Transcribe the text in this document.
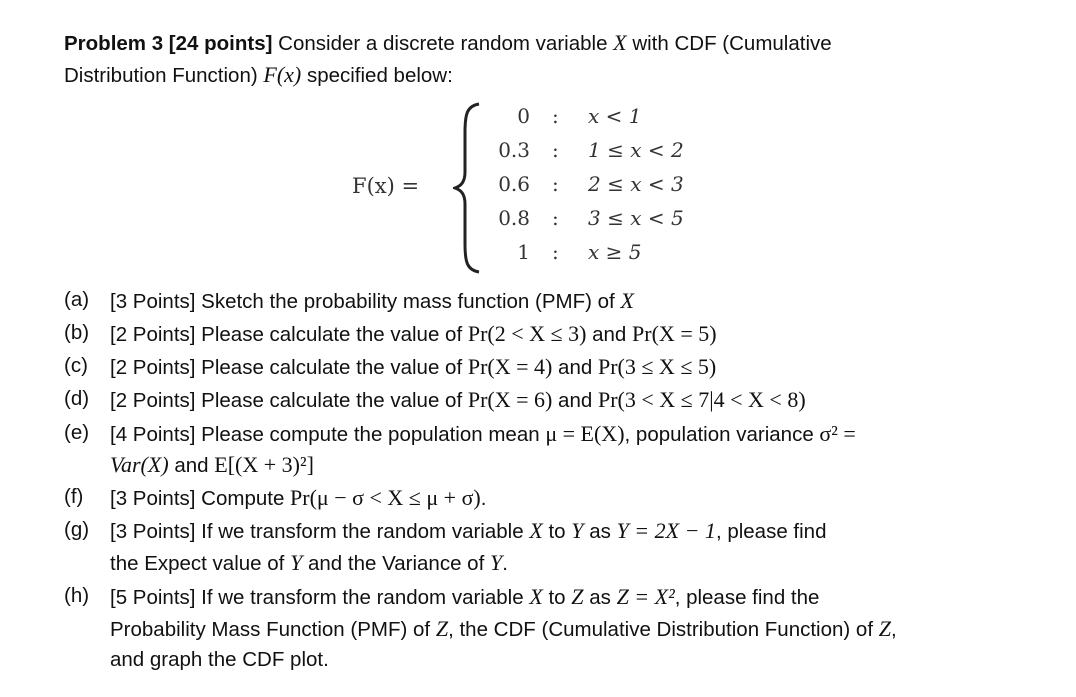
Problem 3 [24 points] Consider a discrete random variable X with CDF (Cumulative
Distribution Function) F(x) specified below:
F(x) =
0 : x < 1
0.3 : 1 ≤ x < 2
0.6 : 2 ≤ x < 3
0.8 : 3 ≤ x < 5
1 : x ≥ 5
(a) [3 Points] Sketch the probability mass function (PMF) of X
(b) [2 Points] Please calculate the value of Pr(2 < X ≤ 3) and Pr(X = 5)
(c) [2 Points] Please calculate the value of Pr(X = 4) and Pr(3 ≤ X ≤ 5)
(d) [2 Points] Please calculate the value of Pr(X = 6) and Pr(3 < X ≤ 7|4 < X < 8)
(e) [4 Points] Please compute the population mean μ = E(X), population variance σ² =
Var(X) and E[(X + 3)²]
(f) [3 Points] Compute Pr(μ − σ < X ≤ μ + σ).
(g) [3 Points] If we transform the random variable X to Y as Y = 2X − 1, please find
the Expect value of Y and the Variance of Y.
(h) [5 Points] If we transform the random variable X to Z as Z = X², please find the
Probability Mass Function (PMF) of Z, the CDF (Cumulative Distribution Function) of Z,
and graph the CDF plot.
